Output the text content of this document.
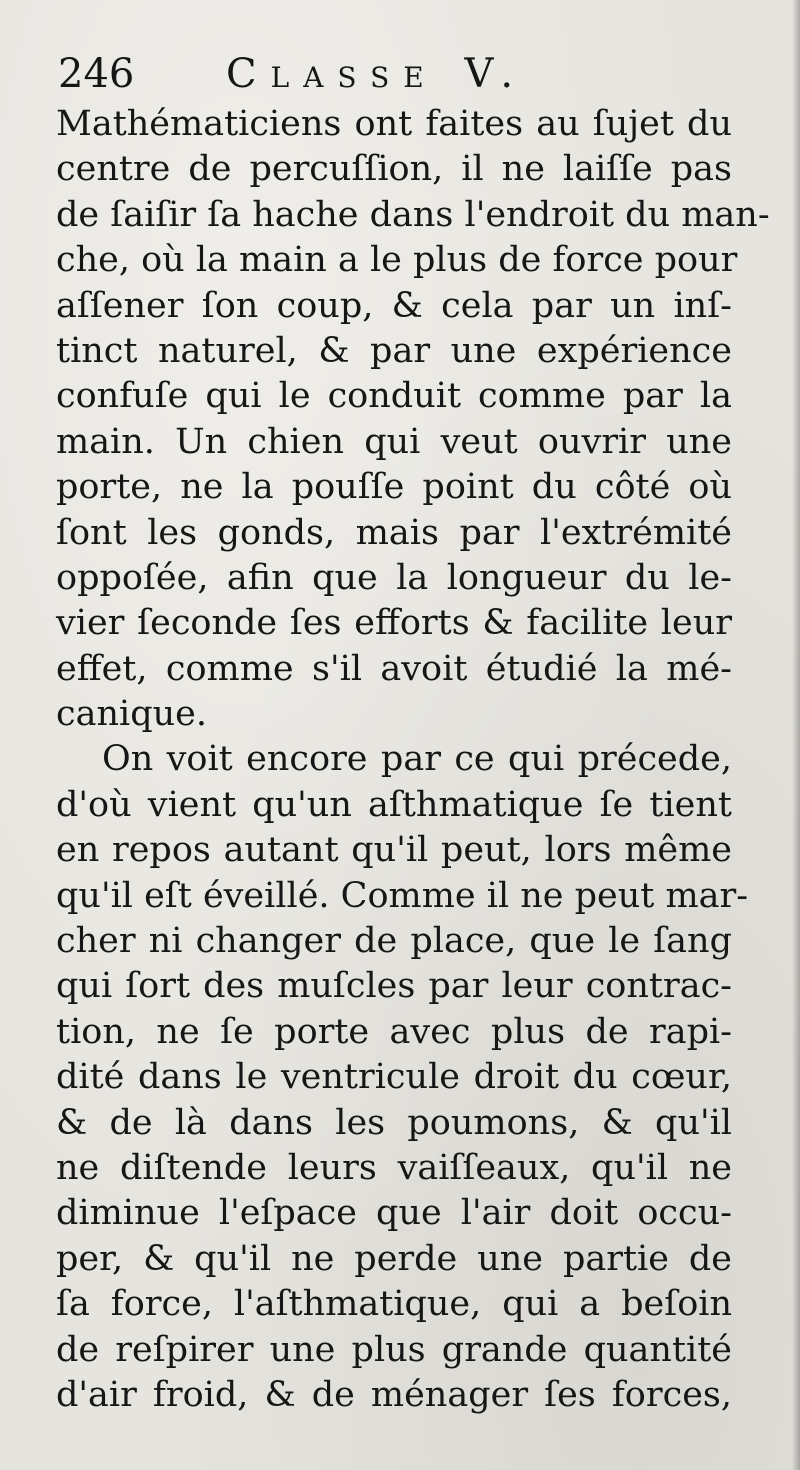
246 Classe V.
Mathématiciens ont faites au ſujet du
centre de percuſſion, il ne laiſſe pas
de ſaiſir ſa hache dans l'endroit du man-
che, où la main a le plus de force pour
aſſener ſon coup, & cela par un inſ-
tinct naturel, & par une expérience
confuſe qui le conduit comme par la
main. Un chien qui veut ouvrir une
porte, ne la pouſſe point du côté où
ſont les gonds, mais par l'extrémité
oppoſée, afin que la longueur du le-
vier ſeconde ſes efforts & facilite leur
effet, comme s'il avoit étudié la mé-
canique.
On voit encore par ce qui précede,
d'où vient qu'un aſthmatique ſe tient
en repos autant qu'il peut, lors même
qu'il eſt éveillé. Comme il ne peut mar-
cher ni changer de place, que le ſang
qui ſort des muſcles par leur contrac-
tion, ne ſe porte avec plus de rapi-
dité dans le ventricule droit du cœur,
& de là dans les poumons, & qu'il
ne diſtende leurs vaiſſeaux, qu'il ne
diminue l'eſpace que l'air doit occu-
per, & qu'il ne perde une partie de
ſa force, l'aſthmatique, qui a beſoin
de reſpirer une plus grande quantité
d'air froid, & de ménager ſes forces,
